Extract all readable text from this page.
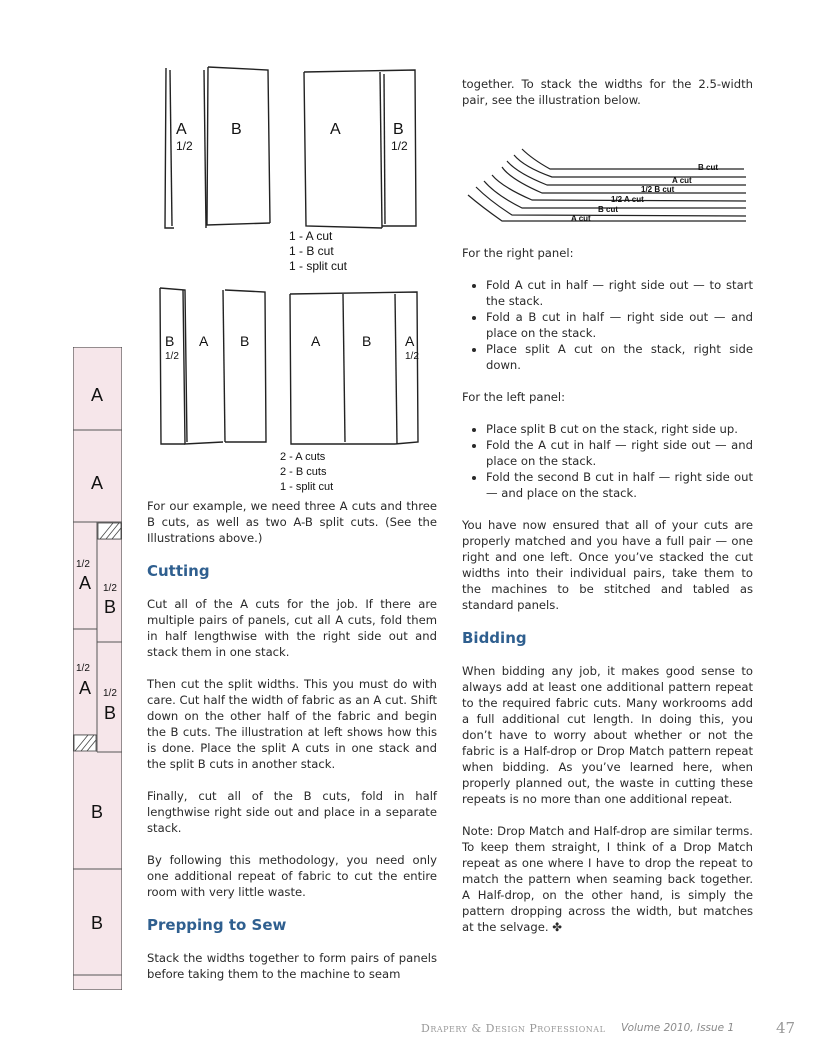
A
1/2
B	A	B
1/2
1 - A cut
1 - B cut
1 - split cut
B
1/2
A B	A	B A
1/2
2 - A cuts
2 - B cuts
1 - split cut
A
A
1/2
A 1/2
B
1/2
A 1/2
B
B
B
B cut
A cut
1/2 B cut
1/2 A cut
B cut
A cut

For our example, we need three A cuts and three B cuts, as well as two A-B split cuts. (See the Illustrations above.)

Cutting

Cut all of the A cuts for the job. If there are multiple pairs of panels, cut all A cuts, fold them in half lengthwise with the right side out and stack them in one stack.

Then cut the split widths. This you must do with care. Cut half the width of fabric as an A cut. Shift down on the other half of the fabric and begin the B cuts. The illustration at left shows how this is done. Place the split A cuts in one stack and the split B cuts in another stack.

Finally, cut all of the B cuts, fold in half lengthwise right side out and place in a separate stack.

By following this methodology, you need only one additional repeat of fabric to cut the entire room with very little waste.

Prepping to Sew

Stack the widths together to form pairs of panels before taking them to the machine to seam

together. To stack the widths for the 2.5-width pair, see the illustration below.

For the right panel:

• Fold A cut in half — right side out — to start the stack.
• Fold a B cut in half — right side out — and place on the stack.
• Place split A cut on the stack, right side down.

For the left panel:

• Place split B cut on the stack, right side up.
• Fold the A cut in half — right side out — and place on the stack.
• Fold the second B cut in half — right side out — and place on the stack.

You have now ensured that all of your cuts are properly matched and you have a full pair — one right and one left. Once you’ve stacked the cut widths into their individual pairs, take them to the machines to be stitched and tabled as standard panels.

Bidding

When bidding any job, it makes good sense to always add at least one additional pattern repeat to the required fabric cuts. Many workrooms add a full additional cut length. In doing this, you don’t have to worry about whether or not the fabric is a Half-drop or Drop Match pattern repeat when bidding. As you’ve learned here, when properly planned out, the waste in cutting these repeats is no more than one additional repeat.

Note: Drop Match and Half-drop are similar terms. To keep them straight, I think of a Drop Match repeat as one where I have to drop the repeat to match the pattern when seaming back together. A Half-drop, on the other hand, is simply the pattern dropping across the width, but matches at the selvage. ✤

Drapery & Design Professional Volume 2010, Issue 1	47
